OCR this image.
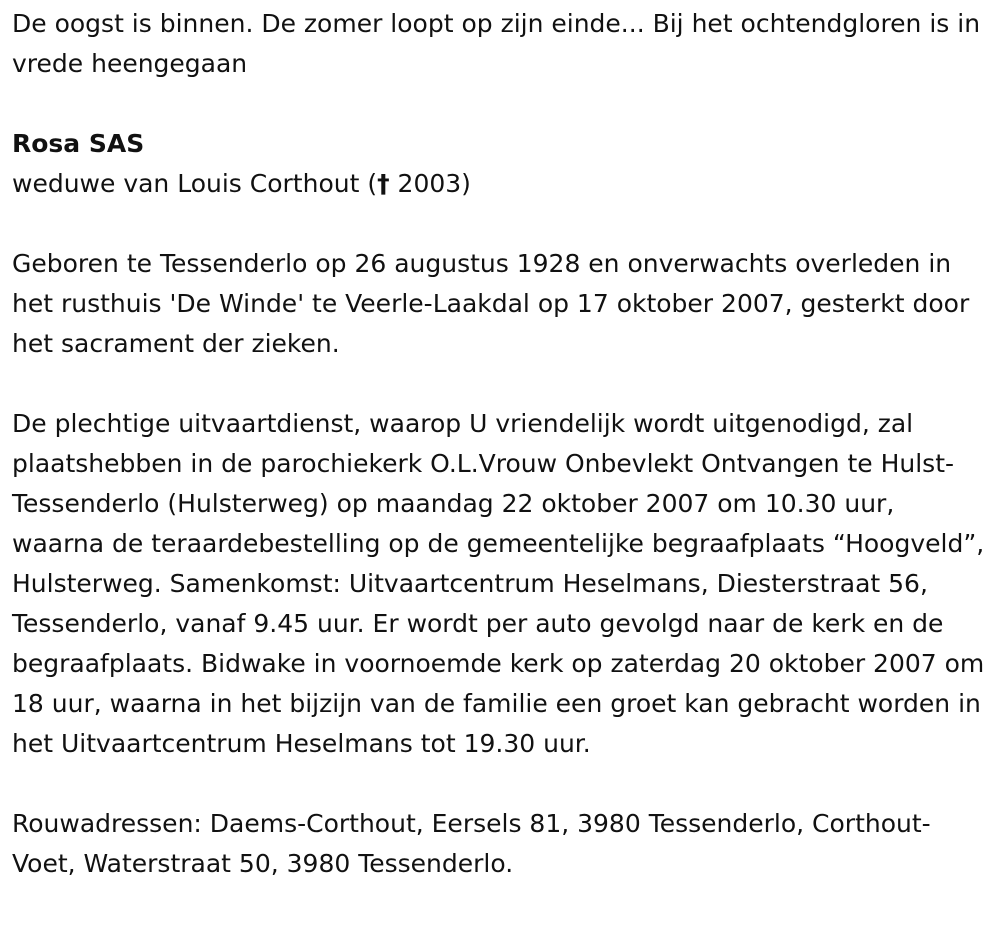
De oogst is binnen. De zomer loopt op zijn einde... Bij het ochtendgloren is in vrede heengegaan

Rosa SAS

weduwe van Louis Corthout († 2003)

Geboren te Tessenderlo op 26 augustus 1928 en onverwachts overleden in het rusthuis 'De Winde' te Veerle-Laakdal op 17 oktober 2007, gesterkt door het sacrament der zieken.

De plechtige uitvaartdienst, waarop U vriendelijk wordt uitgenodigd, zal plaatshebben in de parochiekerk O.L.Vrouw Onbevlekt Ontvangen te Hulst-Tessenderlo (Hulsterweg) op maandag 22 oktober 2007 om 10.30 uur, waarna de teraardebestelling op de gemeentelijke begraafplaats “Hoogveld”, Hulsterweg. Samenkomst: Uitvaartcentrum Heselmans, Diesterstraat 56, Tessenderlo, vanaf 9.45 uur. Er wordt per auto gevolgd naar de kerk en de begraafplaats. Bidwake in voornoemde kerk op zaterdag 20 oktober 2007 om 18 uur, waarna in het bijzijn van de familie een groet kan gebracht worden in het Uitvaartcentrum Heselmans tot 19.30 uur.

Rouwadressen: Daems-Corthout, Eersels 81, 3980 Tessenderlo, Corthout-Voet, Waterstraat 50, 3980 Tessenderlo.
